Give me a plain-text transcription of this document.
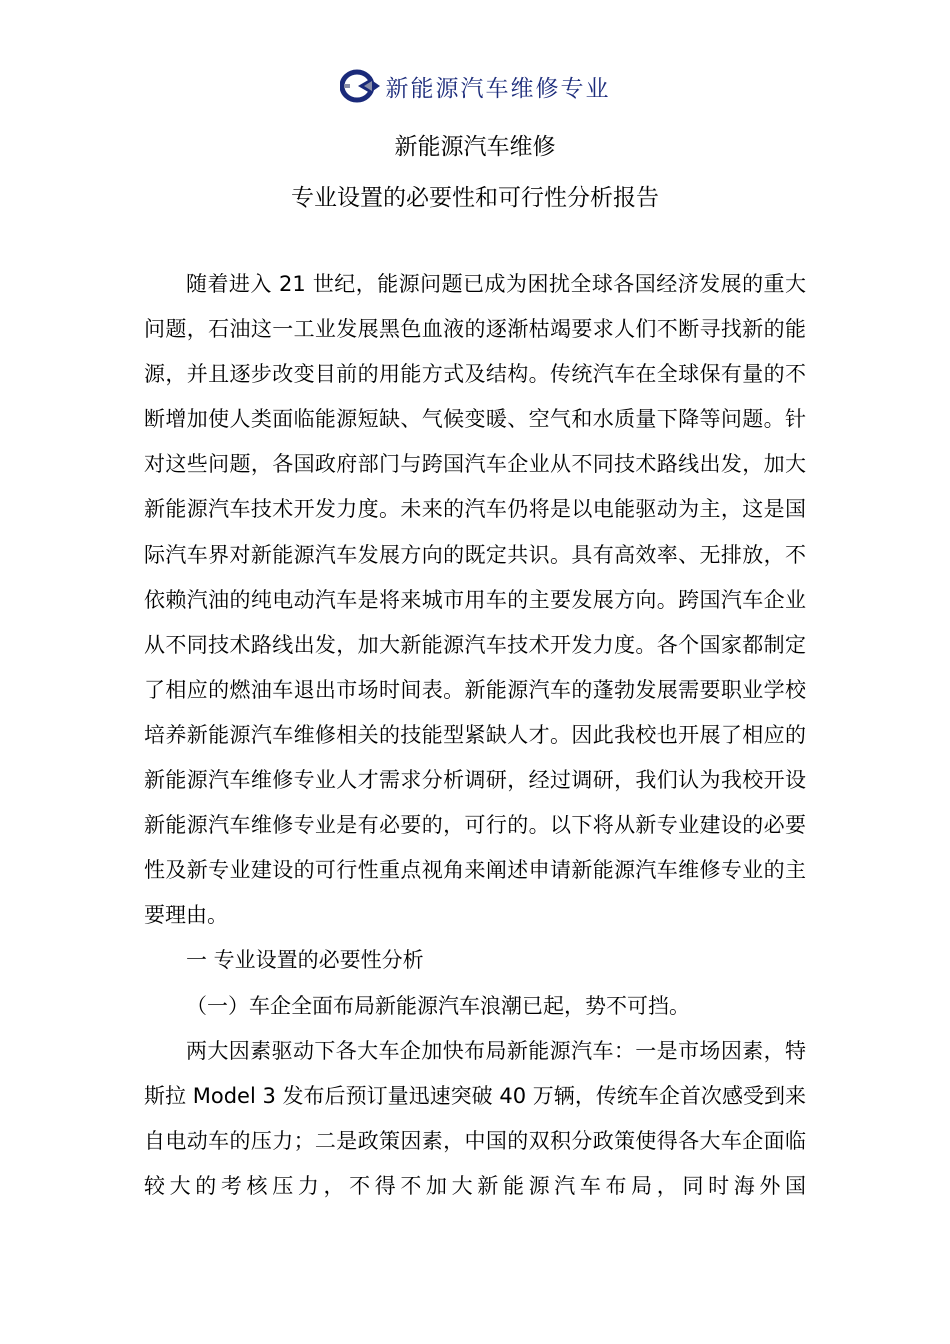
新能源汽车维修专业
新能源汽车维修
专业设置的必要性和可行性分析报告

随着进入 21 世纪，能源问题已成为困扰全球各国经济发展的重大问题，石油这一工业发展黑色血液的逐渐枯竭要求人们不断寻找新的能源，并且逐步改变目前的用能方式及结构。传统汽车在全球保有量的不断增加使人类面临能源短缺、气候变暖、空气和水质量下降等问题。针对这些问题，各国政府部门与跨国汽车企业从不同技术路线出发，加大新能源汽车技术开发力度。未来的汽车仍将是以电能驱动为主，这是国际汽车界对新能源汽车发展方向的既定共识。具有高效率、无排放，不依赖汽油的纯电动汽车是将来城市用车的主要发展方向。跨国汽车企业从不同技术路线出发，加大新能源汽车技术开发力度。各个国家都制定了相应的燃油车退出市场时间表。新能源汽车的蓬勃发展需要职业学校培养新能源汽车维修相关的技能型紧缺人才。因此我校也开展了相应的新能源汽车维修专业人才需求分析调研，经过调研，我们认为我校开设新能源汽车维修专业是有必要的，可行的。以下将从新专业建设的必要性及新专业建设的可行性重点视角来阐述申请新能源汽车维修专业的主要理由。

一 专业设置的必要性分析

（一）车企全面布局新能源汽车浪潮已起，势不可挡。

两大因素驱动下各大车企加快布局新能源汽车：一是市场因素，特斯拉 Model 3 发布后预订量迅速突破 40 万辆，传统车企首次感受到来自电动车的压力；二是政策因素，中国的双积分政策使得各大车企面临较大的考核压力，不得不加大新能源汽车布局，同时海外国
